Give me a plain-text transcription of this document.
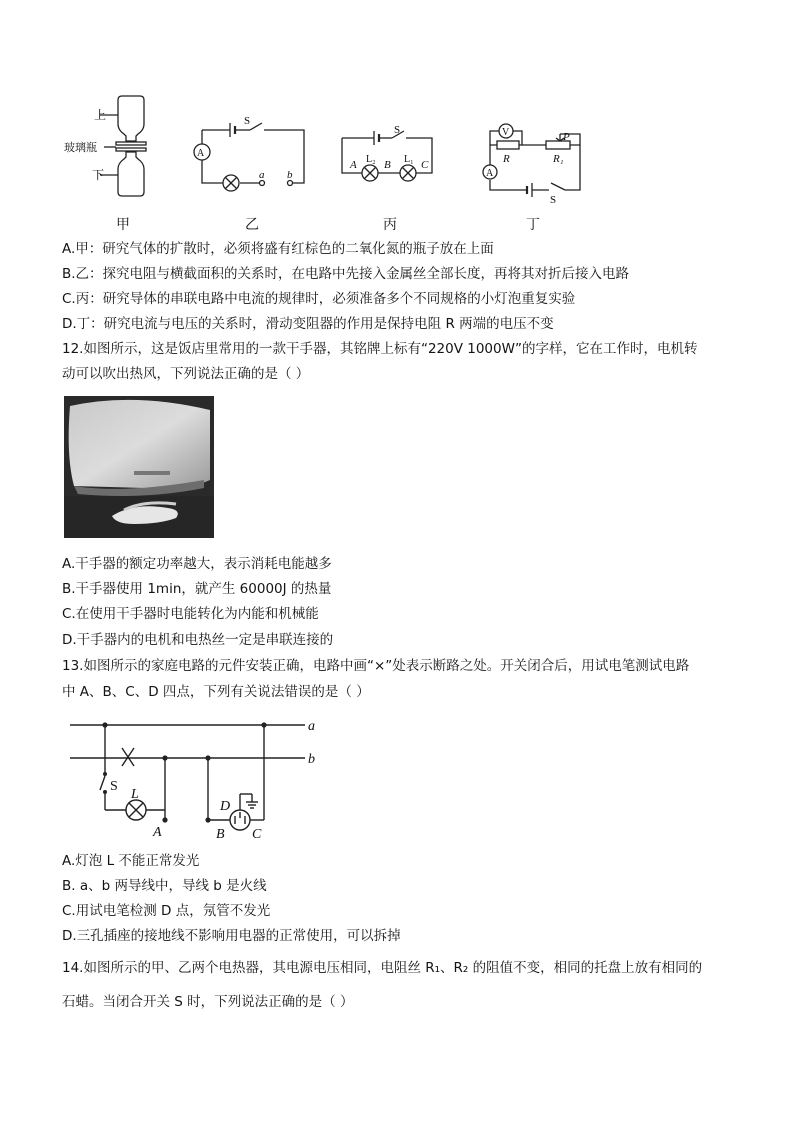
上
玻璃瓶
下
S
A
a b
S
A L₂ B L₁ C
V	P
R	R₁
A
S
甲	乙	丙	丁
A.甲：研究气体的扩散时，必须将盛有红棕色的二氧化氮的瓶子放在上面
B.乙：探究电阻与横截面积的关系时，在电路中先接入金属丝全部长度，再将其对折后接入电路
C.丙：研究导体的串联电路中电流的规律时，必须准备多个不同规格的小灯泡重复实验
D.丁：研究电流与电压的关系时，滑动变阻器的作用是保持电阻 R 两端的电压不变
12.如图所示，这是饭店里常用的一款干手器，其铭牌上标有“220V 1000W”的字样，它在工作时，电机转
动可以吹出热风，下列说法正确的是（ ）
A.干手器的额定功率越大，表示消耗电能越多
B.干手器使用 1min，就产生 60000J 的热量
C.在使用干手器时电能转化为内能和机械能
D.干手器内的电机和电热丝一定是串联连接的
13.如图所示的家庭电路的元件安装正确，电路中画“×”处表示断路之处。开关闭合后，用试电笔测试电路
中 A、B、C、D 四点，下列有关说法错误的是（ ）
a
b
S
L
A	B C
D
A.灯泡 L 不能正常发光
B. a、b 两导线中，导线 b 是火线
C.用试电笔检测 D 点，氖管不发光
D.三孔插座的接地线不影响用电器的正常使用，可以拆掉
14.如图所示的甲、乙两个电热器，其电源电压相同，电阻丝 R₁、R₂ 的阻值不变，相同的托盘上放有相同的
石蜡。当闭合开关 S 时，下列说法正确的是（ ）
